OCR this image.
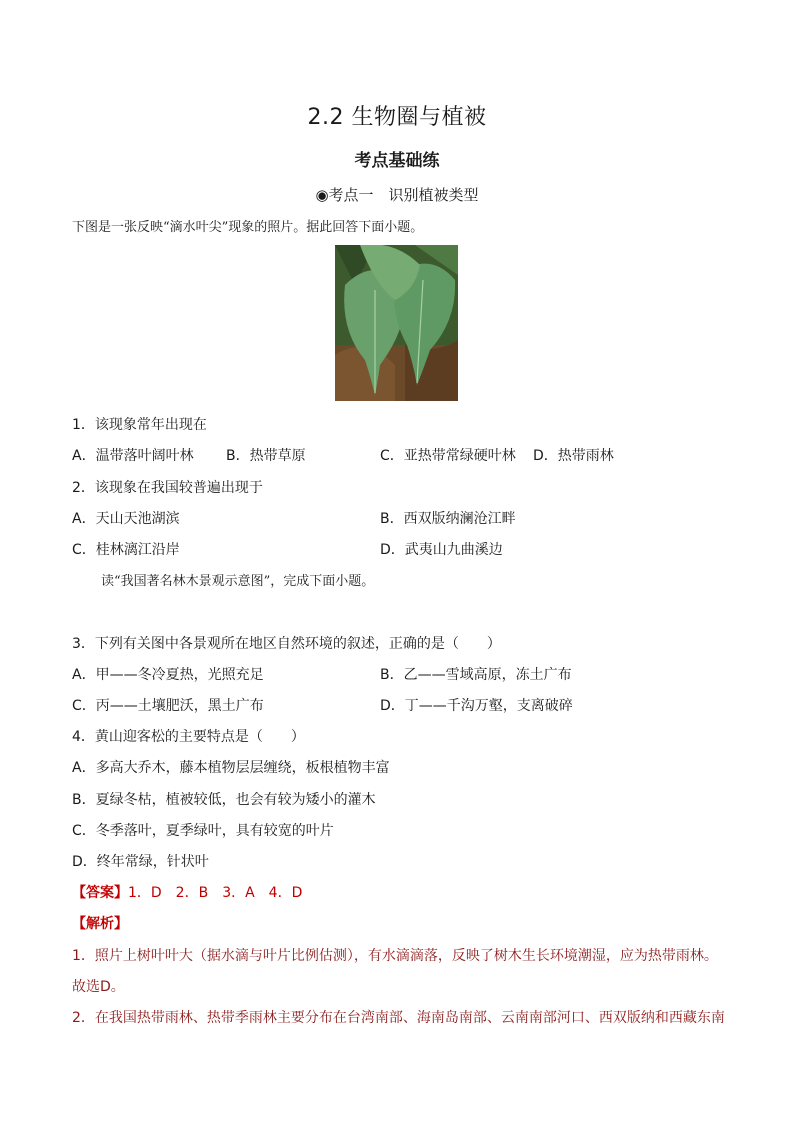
2.2 生物圈与植被
考点基础练
◉考点一　识别植被类型
下图是一张反映“滴水叶尖”现象的照片。据此回答下面小题。
1．该现象常年出现在
A．温带落叶阔叶林 B．热带草原	C．亚热带常绿硬叶林 D．热带雨林
2．该现象在我国较普遍出现于
A．天山天池湖滨	B．西双版纳澜沧江畔
C．桂林漓江沿岸	D．武夷山九曲溪边
读“我国著名林木景观示意图”，完成下面小题。
3．下列有关图中各景观所在地区自然环境的叙述，正确的是（　　）
A．甲——冬冷夏热，光照充足	B．乙——雪域高原，冻土广布
C．丙——土壤肥沃，黑土广布	D．丁——千沟万壑，支离破碎
4．黄山迎客松的主要特点是（　　）
A．多高大乔木，藤本植物层层缠绕，板根植物丰富
B．夏绿冬枯，植被较低，也会有较为矮小的灌木
C．冬季落叶，夏季绿叶，具有较宽的叶片
D．终年常绿，针状叶
【答案】1．D　2．B　3．A　4．D
【解析】
1．照片上树叶叶大（据水滴与叶片比例估测），有水滴滴落，反映了树木生长环境潮湿，应为热带雨林。
故选D。
2．在我国热带雨林、热带季雨林主要分布在台湾南部、海南岛南部、云南南部河口、西双版纳和西藏东南
